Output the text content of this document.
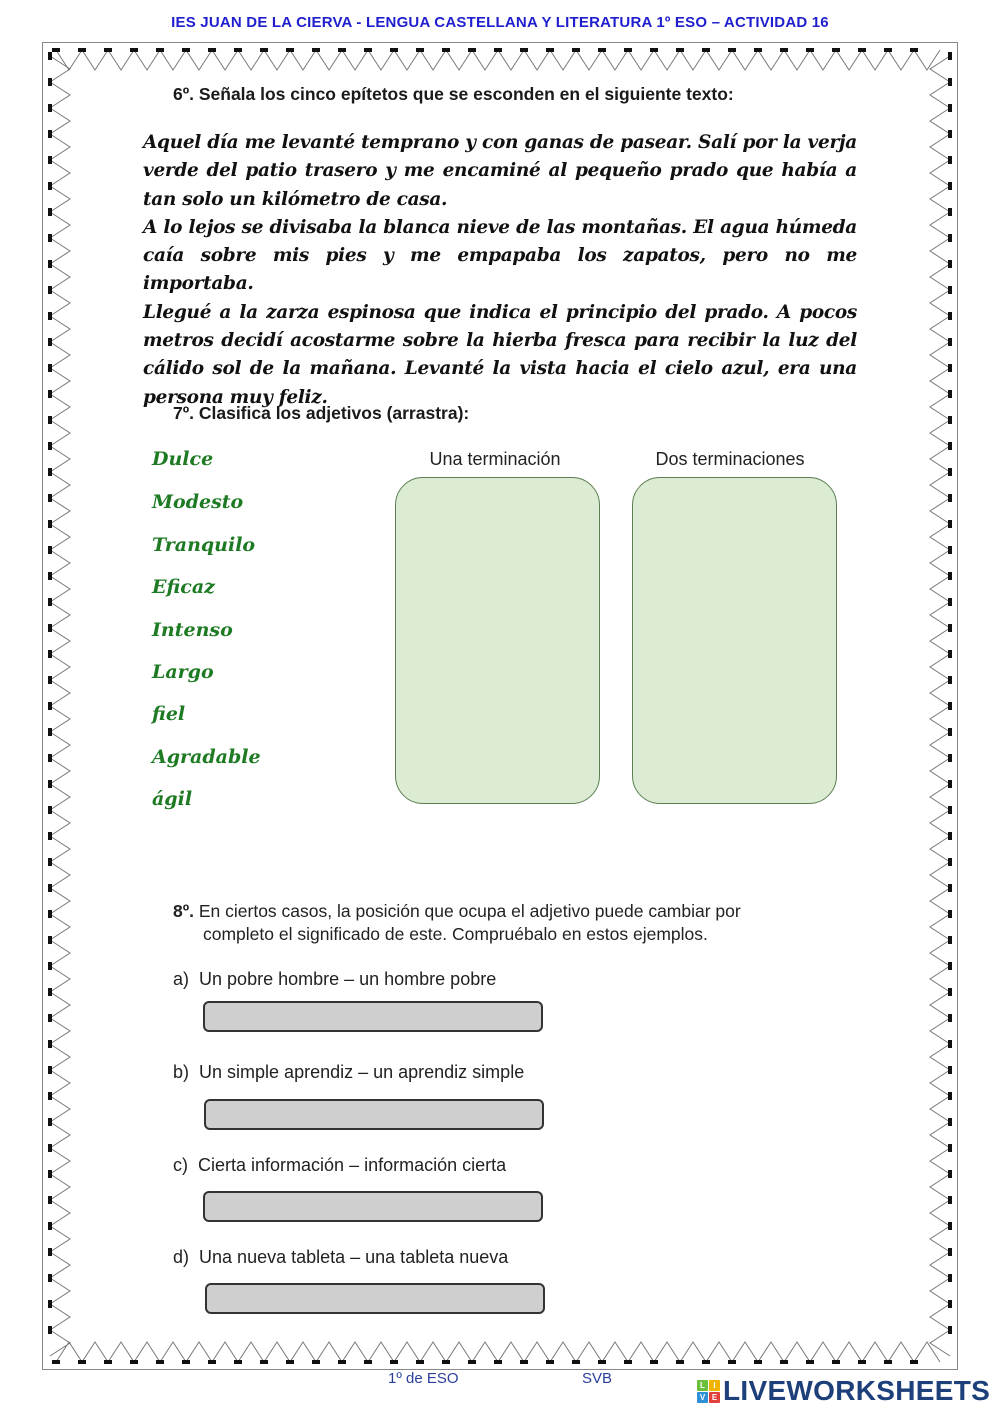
IES JUAN DE LA CIERVA - LENGUA CASTELLANA Y LITERATURA 1º ESO – ACTIVIDAD 16
6º. Señala los cinco epítetos que se esconden en el siguiente texto:
Aquel día me levanté temprano y con ganas de pasear. Salí por la verja verde del patio trasero y me encaminé al pequeño prado que había a tan solo un kilómetro de casa.
A lo lejos se divisaba la blanca nieve de las montañas. El agua húmeda caía sobre mis pies y me empapaba los zapatos, pero no me importaba.
Llegué a la zarza espinosa que indica el principio del prado. A pocos metros decidí acostarme sobre la hierba fresca para recibir la luz del cálido sol de la mañana. Levanté la vista hacia el cielo azul, era una persona muy feliz.
7º. Clasifica los adjetivos (arrastra):
Dulce
Modesto
Tranquilo
Eficaz
Intenso
Largo
fiel
Agradable
ágil
Una terminación	Dos terminaciones
8º. En ciertos casos, la posición que ocupa el adjetivo puede cambiar por
completo el significado de este. Compruébalo en estos ejemplos.
a) Un pobre hombre – un hombre pobre
b) Un simple aprendiz – un aprendiz simple
c) Cierta información – información cierta
d) Una nueva tableta – una tableta nueva
1º de ESO	SVB	L	I
V E LIVEWORKSHEETS
